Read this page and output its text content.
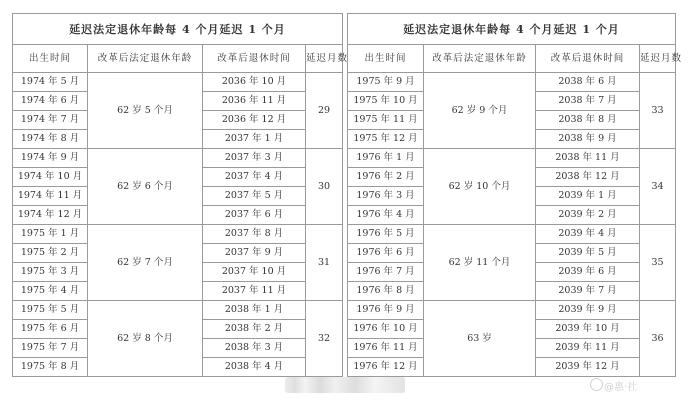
延迟法定退休年龄每 4 个月延迟 1 个月			
出生时间	改革后法定退休年龄	改革后退休时间	延迟月数
1974 年 5 月	62 岁 5 个月	2036 年 10 月	29
1974 年 6 月		2036 年 11 月	
1974 年 7 月		2036 年 12 月	
1974 年 8 月		2037 年 1 月	
1974 年 9 月	62 岁 6 个月	2037 年 3 月	30
1974 年 10 月		2037 年 4 月	
1974 年 11 月		2037 年 5 月	
1974 年 12 月		2037 年 6 月	
1975 年 1 月	62 岁 7 个月	2037 年 8 月	31
1975 年 2 月		2037 年 9 月	
1975 年 3 月		2037 年 10 月	
1975 年 4 月		2037 年 11 月	
1975 年 5 月	62 岁 8 个月	2038 年 1 月	32
1975 年 6 月		2038 年 2 月	
1975 年 7 月		2038 年 3 月	
1975 年 8 月		2038 年 4 月	
延迟法定退休年龄每 4 个月延迟 1 个月			
出生时间	改革后法定退休年龄	改革后退休时间	延迟月数
1975 年 9 月	62 岁 9 个月	2038 年 6 月	33
1975 年 10 月		2038 年 7 月	
1975 年 11 月		2038 年 8 月	
1975 年 12 月		2038 年 9 月	
1976 年 1 月	62 岁 10 个月	2038 年 11 月	34
1976 年 2 月		2038 年 12 月	
1976 年 3 月		2039 年 1 月	
1976 年 4 月		2039 年 2 月	
1976 年 5 月	62 岁 11 个月	2039 年 4 月	35
1976 年 6 月		2039 年 5 月	
1976 年 7 月		2039 年 6 月	
1976 年 8 月		2039 年 7 月	
1976 年 9 月	63 岁	2039 年 9 月	36
1976 年 10 月		2039 年 10 月	
1976 年 11 月		2039 年 11 月	
1976 年 12 月		2039 年 12 月	
@惠·社
